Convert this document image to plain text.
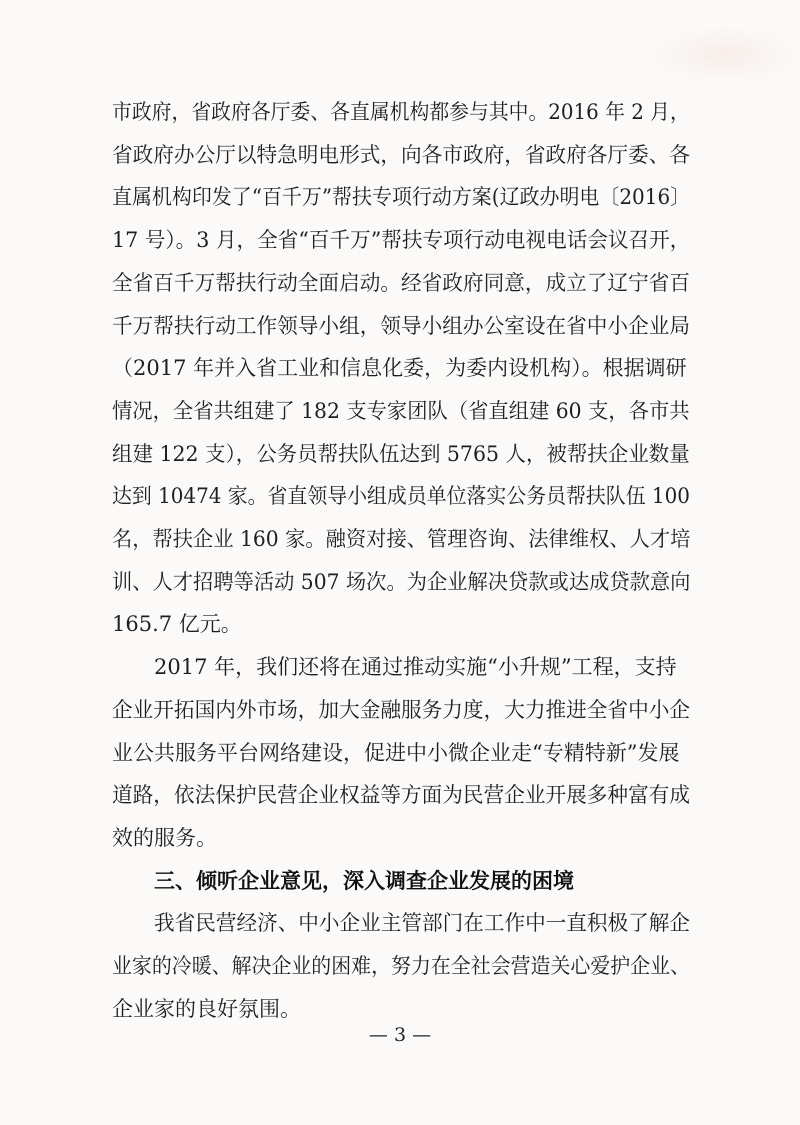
市政府，省政府各厅委、各直属机构都参与其中。2016 年 2 月，
省政府办公厅以特急明电形式，向各市政府，省政府各厅委、各
直属机构印发了“百千万”帮扶专项行动方案(辽政办明电〔2016〕
17 号）。3 月，全省“百千万”帮扶专项行动电视电话会议召开，
全省百千万帮扶行动全面启动。经省政府同意，成立了辽宁省百
千万帮扶行动工作领导小组，领导小组办公室设在省中小企业局
（2017 年并入省工业和信息化委，为委内设机构）。根据调研
情况，全省共组建了 182 支专家团队（省直组建 60 支，各市共
组建 122 支），公务员帮扶队伍达到 5765 人，被帮扶企业数量
达到 10474 家。省直领导小组成员单位落实公务员帮扶队伍 100
名，帮扶企业 160 家。融资对接、管理咨询、法律维权、人才培
训、人才招聘等活动 507 场次。为企业解决贷款或达成贷款意向
165.7 亿元。
2017 年，我们还将在通过推动实施“小升规”工程，支持
企业开拓国内外市场，加大金融服务力度，大力推进全省中小企
业公共服务平台网络建设，促进中小微企业走“专精特新”发展
道路，依法保护民营企业权益等方面为民营企业开展多种富有成
效的服务。
三、倾听企业意见，深入调查企业发展的困境
我省民营经济、中小企业主管部门在工作中一直积极了解企
业家的冷暖、解决企业的困难，努力在全社会营造关心爱护企业、
企业家的良好氛围。
— 3 —
